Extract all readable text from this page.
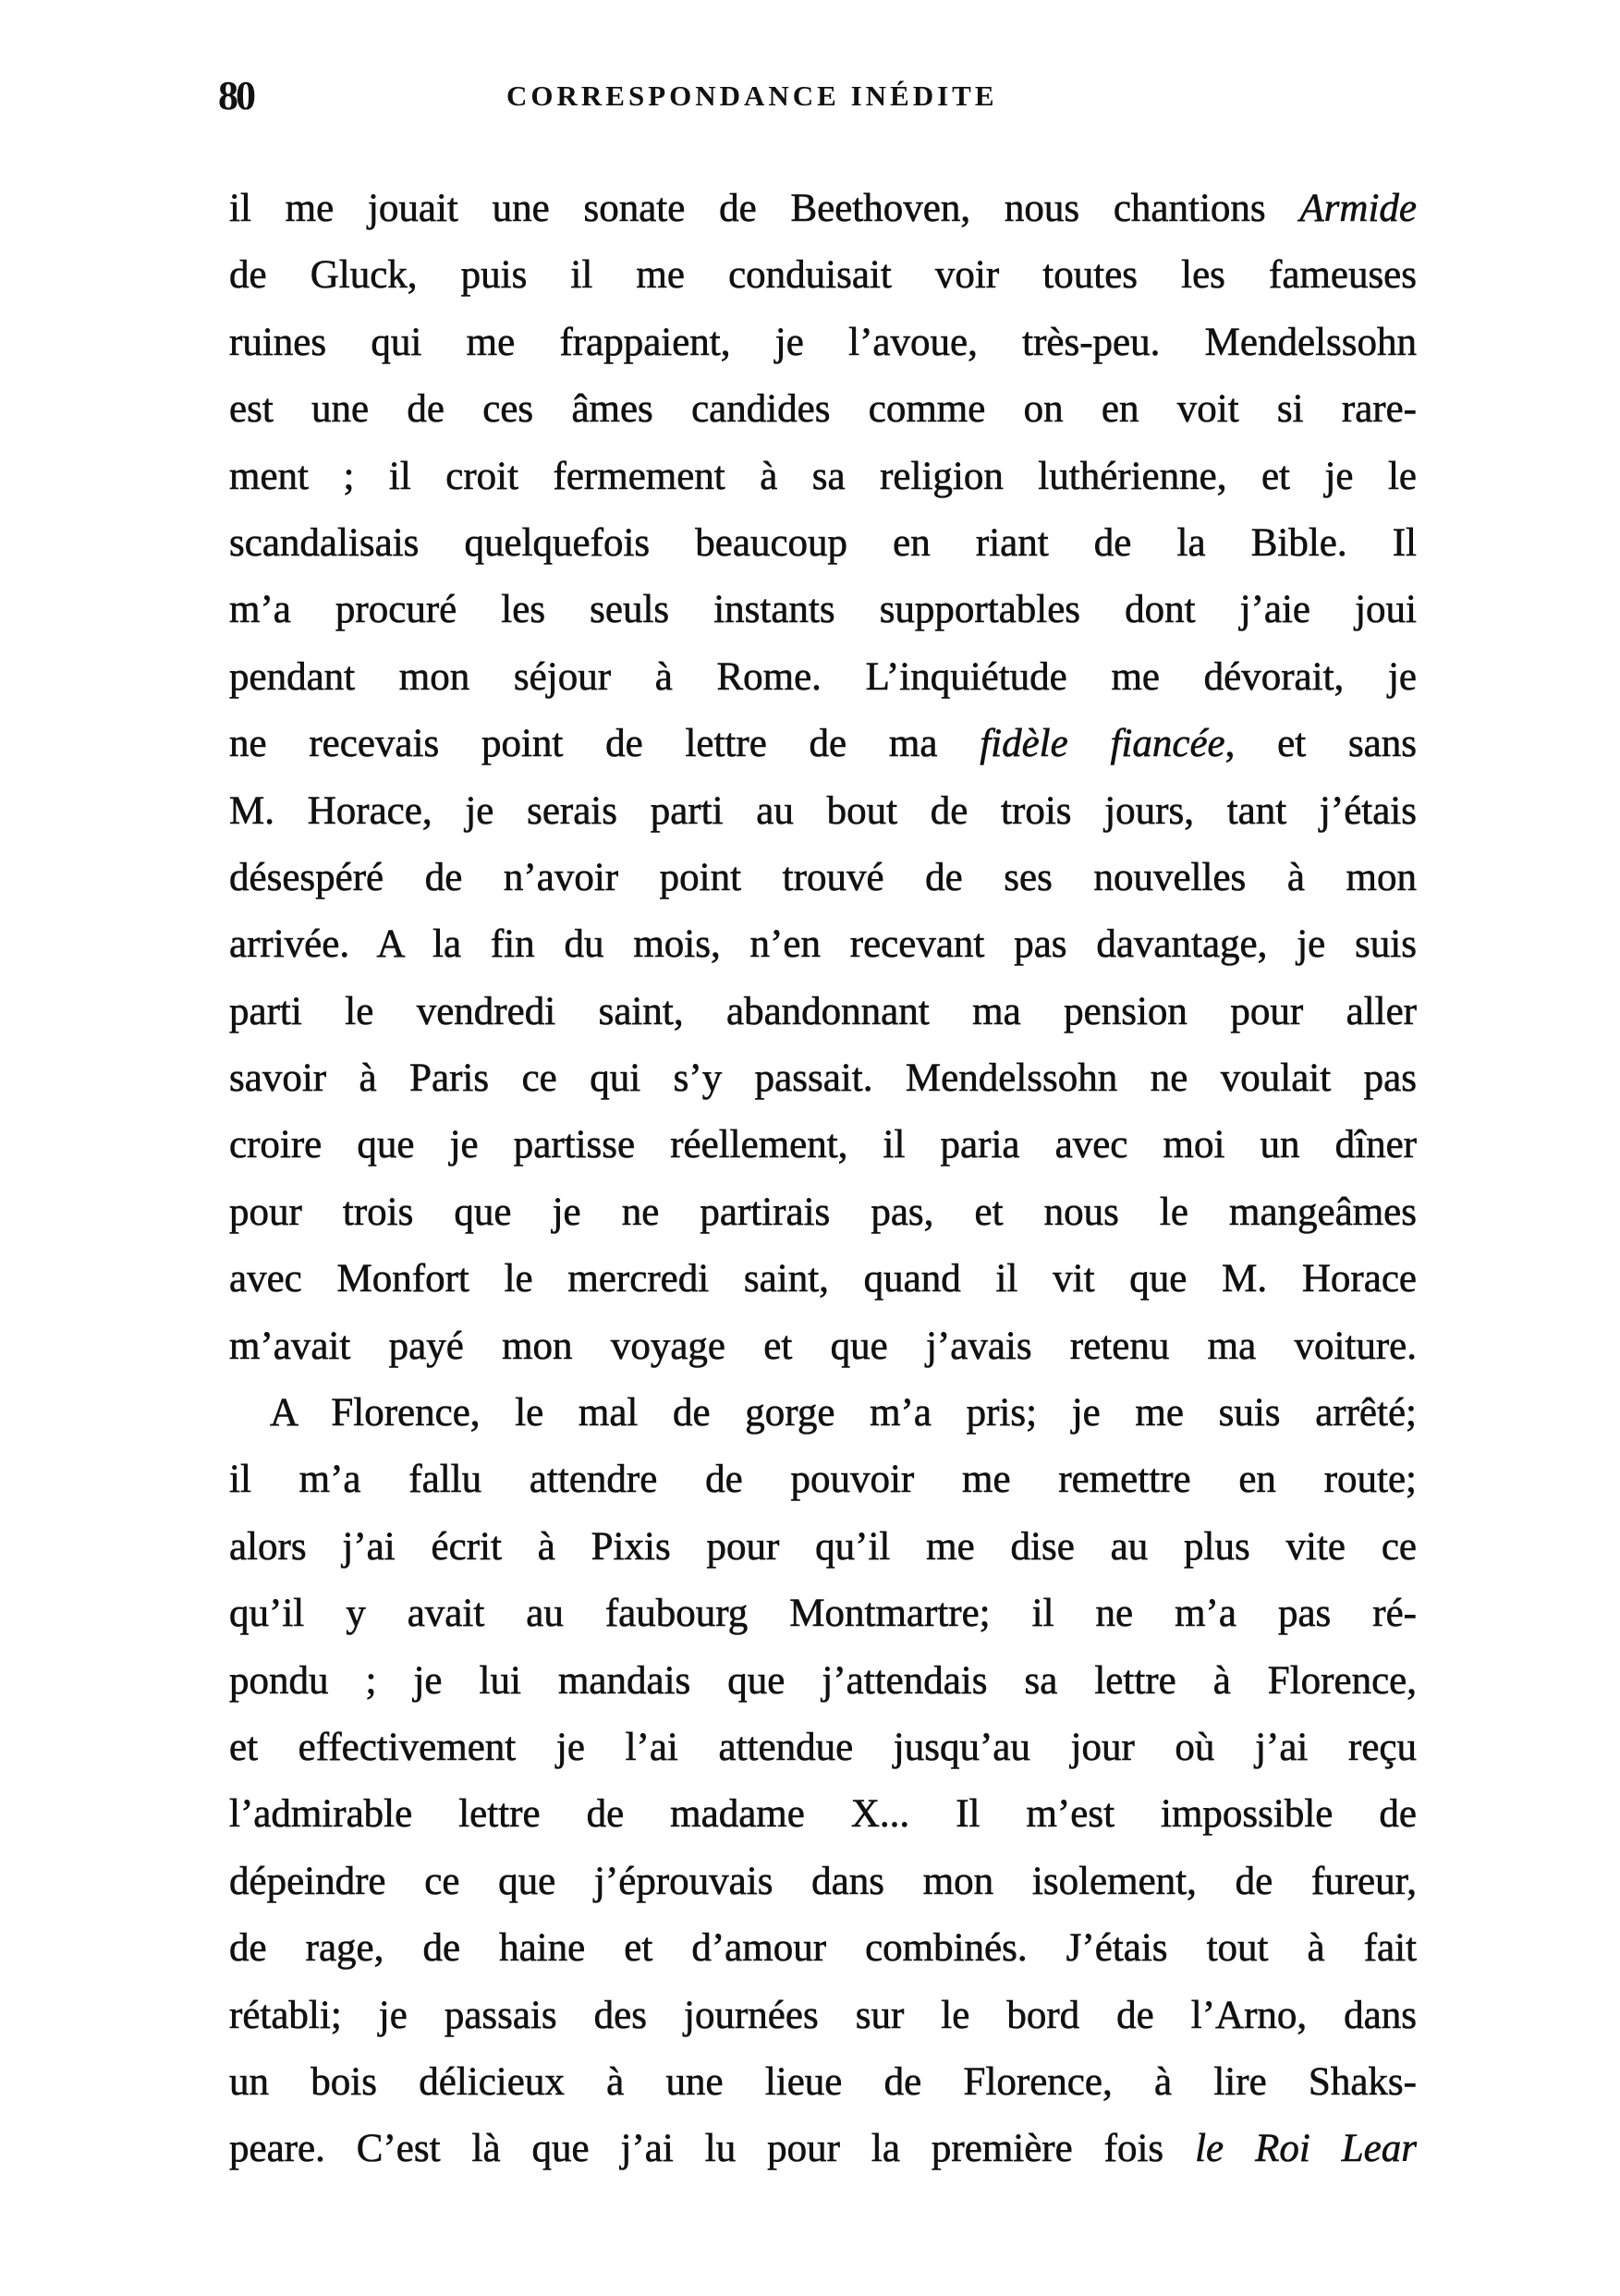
80	CORRESPONDANCE INÉDITE
il me jouait une sonate de Beethoven, nous chantions Armide
de Gluck, puis il me conduisait voir toutes les fameuses
ruines qui me frappaient, je l’avoue, très-peu. Mendelssohn
est une de ces âmes candides comme on en voit si rare-
ment ; il croit fermement à sa religion luthérienne, et je le
scandalisais quelquefois beaucoup en riant de la Bible. Il
m’a procuré les seuls instants supportables dont j’aie joui
pendant mon séjour à Rome. L’inquiétude me dévorait, je
ne recevais point de lettre de ma fidèle fiancée, et sans
M. Horace, je serais parti au bout de trois jours, tant j’étais
désespéré de n’avoir point trouvé de ses nouvelles à mon
arrivée. A la fin du mois, n’en recevant pas davantage, je suis
parti le vendredi saint, abandonnant ma pension pour aller
savoir à Paris ce qui s’y passait. Mendelssohn ne voulait pas
croire que je partisse réellement, il paria avec moi un dîner
pour trois que je ne partirais pas, et nous le mangeâmes
avec Monfort le mercredi saint, quand il vit que M. Horace
m’avait payé mon voyage et que j’avais retenu ma voiture.
A Florence, le mal de gorge m’a pris; je me suis arrêté;
il m’a fallu attendre de pouvoir me remettre en route;
alors j’ai écrit à Pixis pour qu’il me dise au plus vite ce
qu’il y avait au faubourg Montmartre; il ne m’a pas ré-
pondu ; je lui mandais que j’attendais sa lettre à Florence,
et effectivement je l’ai attendue jusqu’au jour où j’ai reçu
l’admirable lettre de madame X... Il m’est impossible de
dépeindre ce que j’éprouvais dans mon isolement, de fureur,
de rage, de haine et d’amour combinés. J’étais tout à fait
rétabli; je passais des journées sur le bord de l’Arno, dans
un bois délicieux à une lieue de Florence, à lire Shaks-
peare. C’est là que j’ai lu pour la première fois le Roi Lear
